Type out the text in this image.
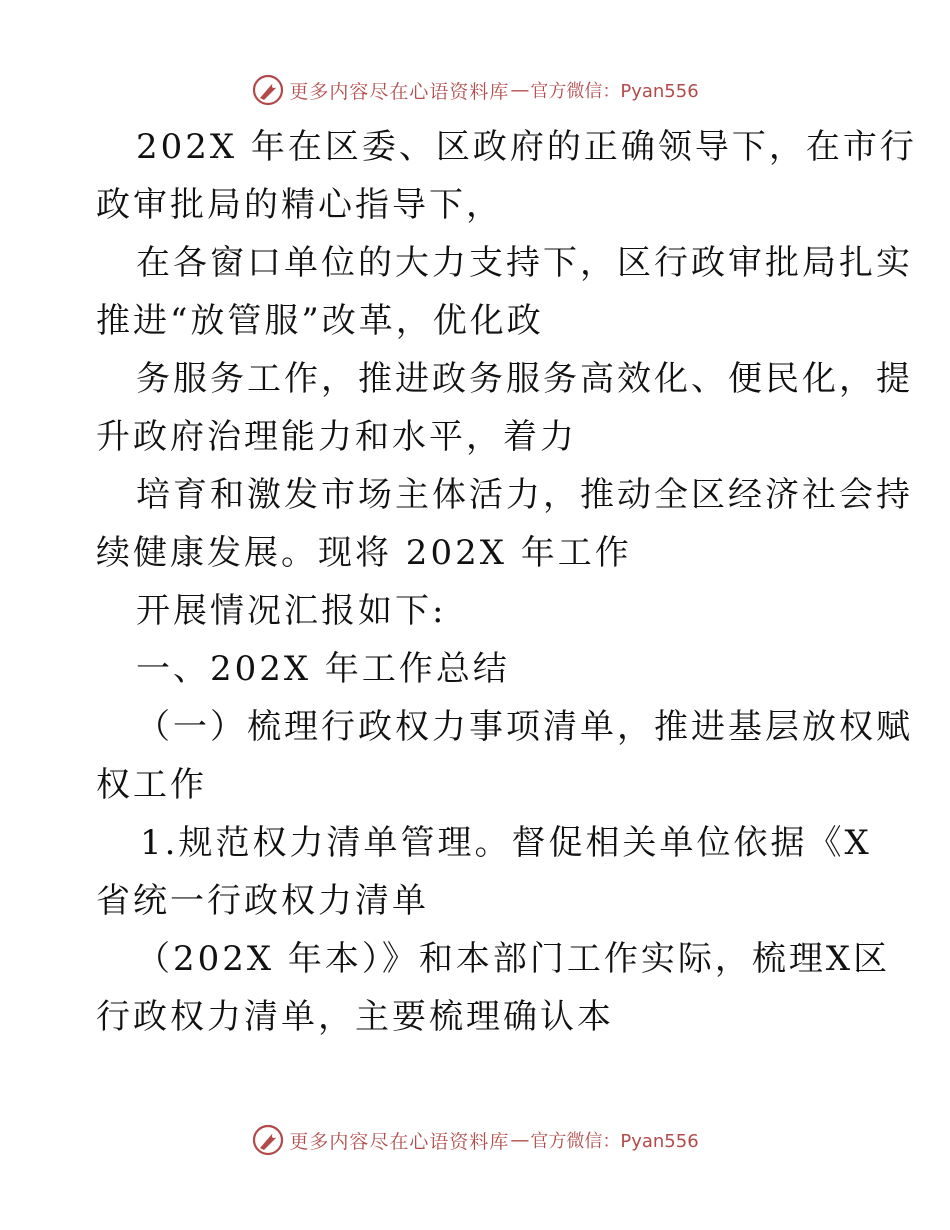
更多内容尽在心语资料库 — 官方微信：Pyan556
202X 年在区委、区政府的正确领导下，在市行
政审批局的精心指导下，
在各窗口单位的大力支持下，区行政审批局扎实
推进“放管服”改革，优化政
务服务工作，推进政务服务高效化、便民化，提
升政府治理能力和水平，着力
培育和激发市场主体活力，推动全区经济社会持
续健康发展。现将 202X 年工作
开展情况汇报如下:
一、202X 年工作总结
（一）梳理行政权力事项清单，推进基层放权赋
权工作
1.规范权力清单管理。督促相关单位依据《X
省统一行政权力清单
（202X 年本）》和本部门工作实际，梳理X区
行政权力清单，主要梳理确认本
更多内容尽在心语资料库 — 官方微信：Pyan556
